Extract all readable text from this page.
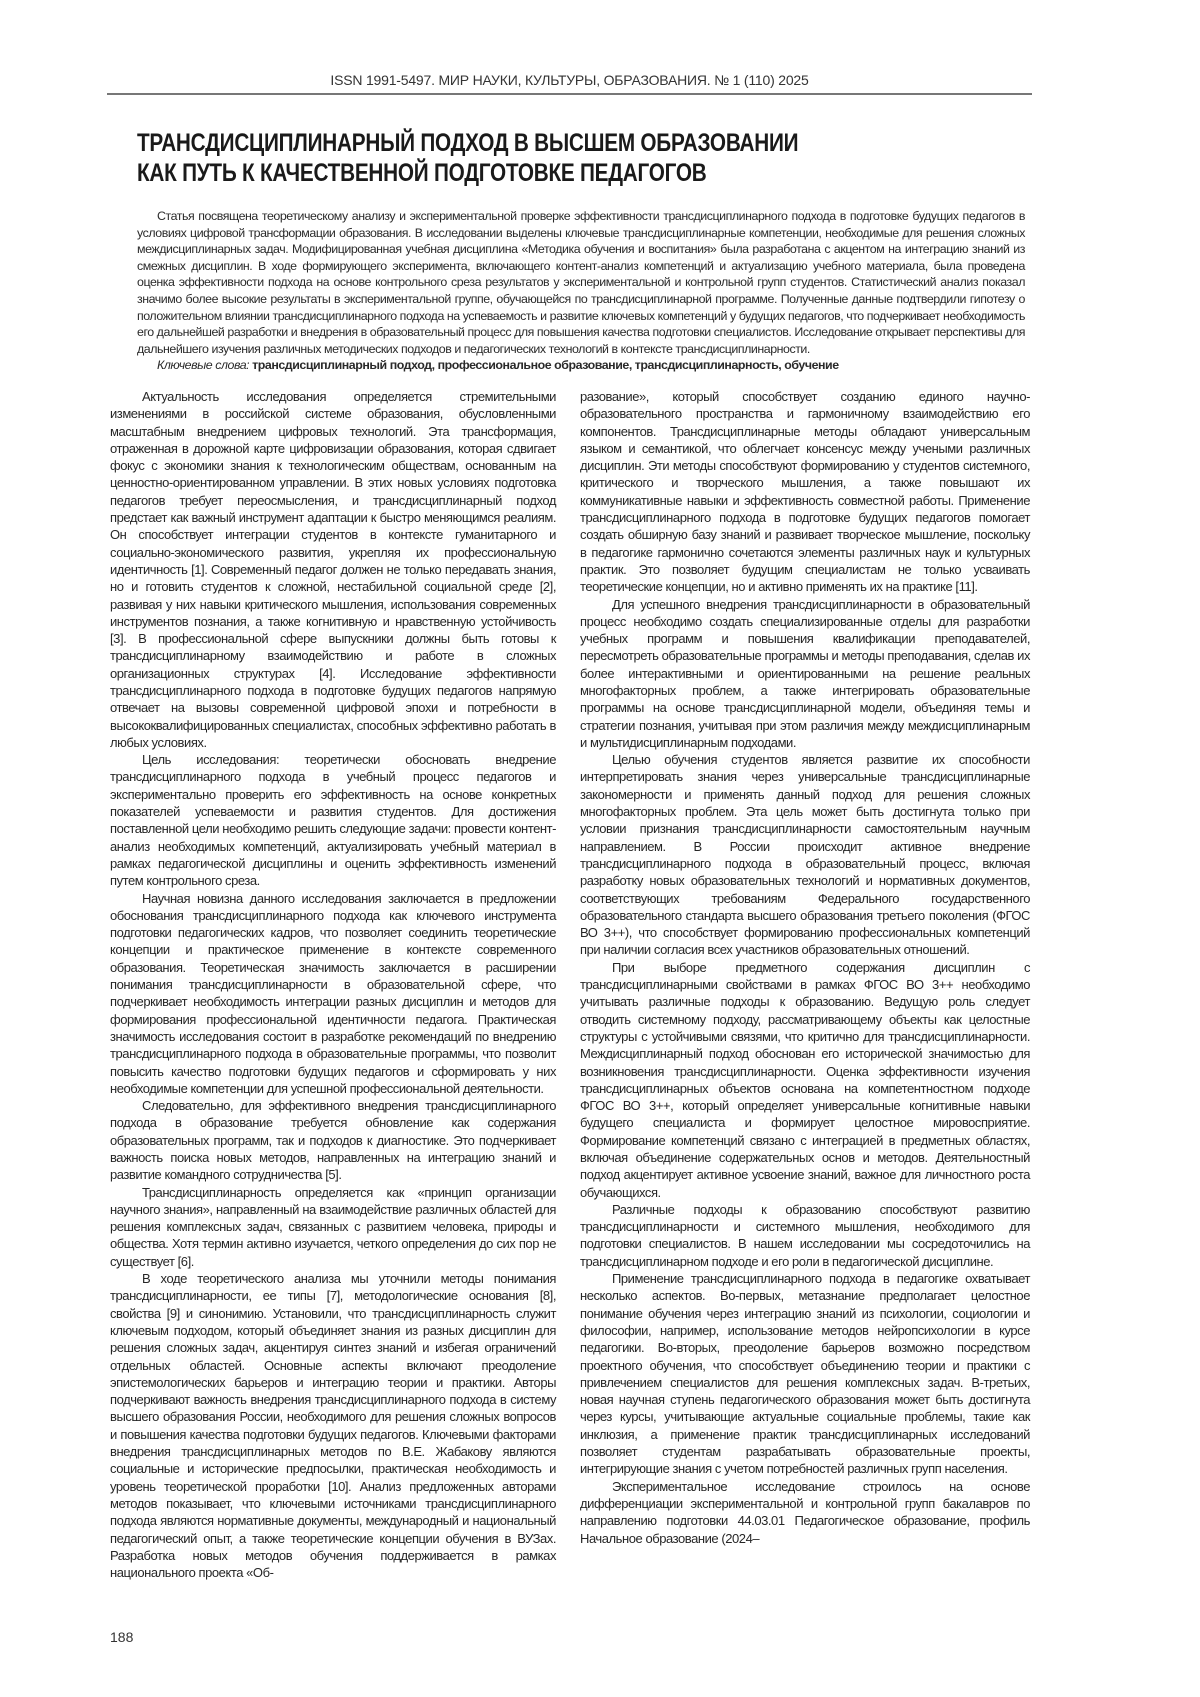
ISSN 1991-5497. МИР НАУКИ, КУЛЬТУРЫ, ОБРАЗОВАНИЯ. № 1 (110) 2025
ТРАНСДИСЦИПЛИНАРНЫЙ ПОДХОД В ВЫСШЕМ ОБРАЗОВАНИИ
КАК ПУТЬ К КАЧЕСТВЕННОЙ ПОДГОТОВКЕ ПЕДАГОГОВ

Статья посвящена теоретическому анализу и экспериментальной проверке эффективности трансдисциплинарного подхода в подготовке будущих педагогов в условиях цифровой трансформации образования. В исследовании выделены ключевые трансдисциплинарные компетенции, необходимые для решения сложных междисциплинарных задач. Модифицированная учебная дисциплина «Методика обучения и воспитания» была разработана с акцентом на интеграцию знаний из смежных дисциплин. В ходе формирующего эксперимента, включающего контент-анализ компетенций и актуализацию учебного материала, была проведена оценка эффективности подхода на основе контрольного среза результатов у экспериментальной и контрольной групп студентов. Статистический анализ показал значимо более высокие результаты в экспериментальной группе, обучающейся по трансдисциплинарной программе. Полученные данные подтвердили гипотезу о положительном влиянии трансдисциплинарного подхода на успеваемость и развитие ключевых компетенций у будущих педагогов, что подчеркивает необходимость его дальнейшей разработки и внедрения в образовательный процесс для повышения качества подготовки специалистов. Исследование открывает перспективы для дальнейшего изучения различных методических подходов и педагогических технологий в контексте трансдисциплинарности.

Ключевые слова: трансдисциплинарный подход, профессиональное образование, трансдисциплинарность, обучение

Актуальность исследования определяется стремительными изменениями в российской системе образования, обусловленными масштабным внедрением цифровых технологий. Эта трансформация, отраженная в дорожной карте цифровизации образования, которая сдвигает фокус с экономики знания к технологическим обществам, основанным на ценностно-ориентированном управлении. В этих новых условиях подготовка педагогов требует переосмысления, и трансдисциплинарный подход предстает как важный инструмент адаптации к быстро меняющимся реалиям. Он способствует интеграции студентов в контексте гуманитарного и социально-экономического развития, укрепляя их профессиональную идентичность [1]. Современный педагог должен не только передавать знания, но и готовить студентов к сложной, нестабильной социальной среде [2], развивая у них навыки критического мышления, использования современных инструментов познания, а также когнитивную и нравственную устойчивость [3]. В профессиональной сфере выпускники должны быть готовы к трансдисциплинарному взаимодействию и работе в сложных организационных структурах [4]. Исследование эффективности трансдисциплинарного подхода в подготовке будущих педагогов напрямую отвечает на вызовы современной цифровой эпохи и потребности в высококвалифицированных специалистах, способных эффективно работать в любых условиях.

Цель исследования: теоретически обосновать внедрение трансдисциплинарного подхода в учебный процесс педагогов и экспериментально проверить его эффективность на основе конкретных показателей успеваемости и развития студентов. Для достижения поставленной цели необходимо решить следующие задачи: провести контент-анализ необходимых компетенций, актуализировать учебный материал в рамках педагогической дисциплины и оценить эффективность изменений путем контрольного среза.

Научная новизна данного исследования заключается в предложении обоснования трансдисциплинарного подхода как ключевого инструмента подготовки педагогических кадров, что позволяет соединить теоретические концепции и практическое применение в контексте современного образования. Теоретическая значимость заключается в расширении понимания трансдисциплинарности в образовательной сфере, что подчеркивает необходимость интеграции разных дисциплин и методов для формирования профессиональной идентичности педагога. Практическая значимость исследования состоит в разработке рекомендаций по внедрению трансдисциплинарного подхода в образовательные программы, что позволит повысить качество подготовки будущих педагогов и сформировать у них необходимые компетенции для успешной профессиональной деятельности.

Следовательно, для эффективного внедрения трансдисциплинарного подхода в образование требуется обновление как содержания образовательных программ, так и подходов к диагностике. Это подчеркивает важность поиска новых методов, направленных на интеграцию знаний и развитие командного сотрудничества [5].

Трансдисциплинарность определяется как «принцип организации научного знания», направленный на взаимодействие различных областей для решения комплексных задач, связанных с развитием человека, природы и общества. Хотя термин активно изучается, четкого определения до сих пор не существует [6].

В ходе теоретического анализа мы уточнили методы понимания трансдисциплинарности, ее типы [7], методологические основания [8], свойства [9] и синонимию. Установили, что трансдисциплинарность служит ключевым подходом, который объединяет знания из разных дисциплин для решения сложных задач, акцентируя синтез знаний и избегая ограничений отдельных областей. Основные аспекты включают преодоление эпистемологических барьеров и интеграцию теории и практики. Авторы подчеркивают важность внедрения трансдисциплинарного подхода в систему высшего образования России, необходимого для решения сложных вопросов и повышения качества подготовки будущих педагогов. Ключевыми факторами внедрения трансдисциплинарных методов по В.Е. Жабакову являются социальные и исторические предпосылки, практическая необходимость и уровень теоретической проработки [10]. Анализ предложенных авторами методов показывает, что ключевыми источниками трансдисциплинарного подхода являются нормативные документы, международный и национальный педагогический опыт, а также теоретические концепции обучения в ВУЗах. Разработка новых методов обучения поддерживается в рамках национального проекта «Об-

разование», который способствует созданию единого научно-образовательного пространства и гармоничному взаимодействию его компонентов. Трансдисциплинарные методы обладают универсальным языком и семантикой, что облегчает консенсус между учеными различных дисциплин. Эти методы способствуют формированию у студентов системного, критического и творческого мышления, а также повышают их коммуникативные навыки и эффективность совместной работы. Применение трансдисциплинарного подхода в подготовке будущих педагогов помогает создать обширную базу знаний и развивает творческое мышление, поскольку в педагогике гармонично сочетаются элементы различных наук и культурных практик. Это позволяет будущим специалистам не только усваивать теоретические концепции, но и активно применять их на практике [11].

Для успешного внедрения трансдисциплинарности в образовательный процесс необходимо создать специализированные отделы для разработки учебных программ и повышения квалификации преподавателей, пересмотреть образовательные программы и методы преподавания, сделав их более интерактивными и ориентированными на решение реальных многофакторных проблем, а также интегрировать образовательные программы на основе трансдисциплинарной модели, объединяя темы и стратегии познания, учитывая при этом различия между междисциплинарным и мультидисциплинарным подходами.

Целью обучения студентов является развитие их способности интерпретировать знания через универсальные трансдисциплинарные закономерности и применять данный подход для решения сложных многофакторных проблем. Эта цель может быть достигнута только при условии признания трансдисциплинарности самостоятельным научным направлением. В России происходит активное внедрение трансдисциплинарного подхода в образовательный процесс, включая разработку новых образовательных технологий и нормативных документов, соответствующих требованиям Федерального государственного образовательного стандарта высшего образования третьего поколения (ФГОС ВО 3++), что способствует формированию профессиональных компетенций при наличии согласия всех участников образовательных отношений.

При выборе предметного содержания дисциплин с трансдисциплинарными свойствами в рамках ФГОС ВО 3++ необходимо учитывать различные подходы к образованию. Ведущую роль следует отводить системному подходу, рассматривающему объекты как целостные структуры с устойчивыми связями, что критично для трансдисциплинарности. Междисциплинарный подход обоснован его исторической значимостью для возникновения трансдисциплинарности. Оценка эффективности изучения трансдисциплинарных объектов основана на компетентностном подходе ФГОС ВО 3++, который определяет универсальные когнитивные навыки будущего специалиста и формирует целостное мировосприятие. Формирование компетенций связано с интеграцией в предметных областях, включая объединение содержательных основ и методов. Деятельностный подход акцентирует активное усвоение знаний, важное для личностного роста обучающихся.

Различные подходы к образованию способствуют развитию трансдисциплинарности и системного мышления, необходимого для подготовки специалистов. В нашем исследовании мы сосредоточились на трансдисциплинарном подходе и его роли в педагогической дисциплине.

Применение трансдисциплинарного подхода в педагогике охватывает несколько аспектов. Во-первых, метазнание предполагает целостное понимание обучения через интеграцию знаний из психологии, социологии и философии, например, использование методов нейропсихологии в курсе педагогики. Во-вторых, преодоление барьеров возможно посредством проектного обучения, что способствует объединению теории и практики с привлечением специалистов для решения комплексных задач. В-третьих, новая научная ступень педагогического образования может быть достигнута через курсы, учитывающие актуальные социальные проблемы, такие как инклюзия, а применение практик трансдисциплинарных исследований позволяет студентам разрабатывать образовательные проекты, интегрирующие знания с учетом потребностей различных групп населения.

Экспериментальное исследование строилось на основе дифференциации экспериментальной и контрольной групп бакалавров по направлению подготовки 44.03.01 Педагогическое образование, профиль Начальное образование (2024–

188
